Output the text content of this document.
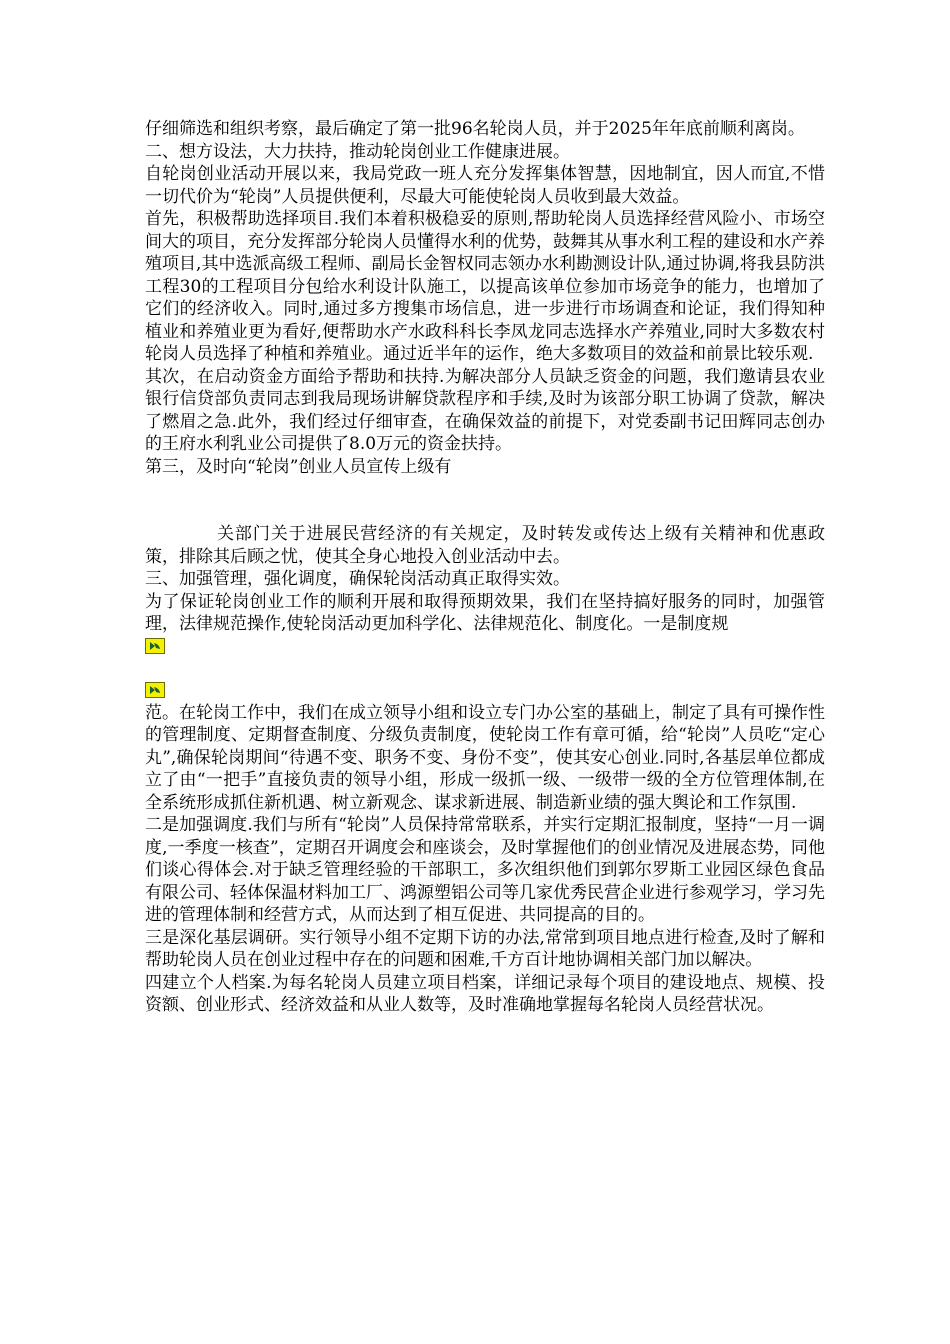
仔细筛选和组织考察，最后确定了第一批96名轮岗人员，并于2025年年底前顺利离岗。

二、想方设法，大力扶持，推动轮岗创业工作健康进展。

自轮岗创业活动开展以来，我局党政一班人充分发挥集体智慧，因地制宜，因人而宜,不惜一切代价为“轮岗”人员提供便利，尽最大可能使轮岗人员收到最大效益。

首先，积极帮助选择项目.我们本着积极稳妥的原则,帮助轮岗人员选择经营风险小、市场空间大的项目，充分发挥部分轮岗人员懂得水利的优势，鼓舞其从事水利工程的建设和水产养殖项目,其中选派高级工程师、副局长金智权同志领办水利勘测设计队,通过协调,将我县防洪工程30的工程项目分包给水利设计队施工，以提高该单位参加市场竞争的能力，也增加了它们的经济收入。同时,通过多方搜集市场信息，进一步进行市场调查和论证，我们得知种植业和养殖业更为看好,便帮助水产水政科科长李凤龙同志选择水产养殖业,同时大多数农村轮岗人员选择了种植和养殖业。通过近半年的运作，绝大多数项目的效益和前景比较乐观.

其次，在启动资金方面给予帮助和扶持.为解决部分人员缺乏资金的问题，我们邀请县农业银行信贷部负责同志到我局现场讲解贷款程序和手续,及时为该部分职工协调了贷款，解决了燃眉之急.此外，我们经过仔细审查，在确保效益的前提下，对党委副书记田辉同志创办的王府水利乳业公司提供了8.0万元的资金扶持。

第三，及时向“轮岗”创业人员宣传上级有

关部门关于进展民营经济的有关规定，及时转发或传达上级有关精神和优惠政策，排除其后顾之忧，使其全身心地投入创业活动中去。

三、加强管理，强化调度，确保轮岗活动真正取得实效。

为了保证轮岗创业工作的顺利开展和取得预期效果，我们在坚持搞好服务的同时，加强管理，法律规范操作,使轮岗活动更加科学化、法律规范化、制度化。一是制度规

范。在轮岗工作中，我们在成立领导小组和设立专门办公室的基础上，制定了具有可操作性的管理制度、定期督查制度、分级负责制度，使轮岗工作有章可循，给“轮岗”人员吃“定心丸”,确保轮岗期间“待遇不变、职务不变、身份不变”，使其安心创业.同时,各基层单位都成立了由“一把手”直接负责的领导小组，形成一级抓一级、一级带一级的全方位管理体制,在全系统形成抓住新机遇、树立新观念、谋求新进展、制造新业绩的强大舆论和工作氛围.

二是加强调度.我们与所有“轮岗”人员保持常常联系，并实行定期汇报制度，坚持“一月一调度,一季度一核查”，定期召开调度会和座谈会，及时掌握他们的创业情况及进展态势，同他们谈心得体会.对于缺乏管理经验的干部职工，多次组织他们到郭尔罗斯工业园区绿色食品有限公司、轻体保温材料加工厂、鸿源塑铝公司等几家优秀民营企业进行参观学习，学习先进的管理体制和经营方式，从而达到了相互促进、共同提高的目的。

三是深化基层调研。实行领导小组不定期下访的办法,常常到项目地点进行检查,及时了解和帮助轮岗人员在创业过程中存在的问题和困难,千方百计地协调相关部门加以解决。

四建立个人档案.为每名轮岗人员建立项目档案，详细记录每个项目的建设地点、规模、投资额、创业形式、经济效益和从业人数等，及时准确地掌握每名轮岗人员经营状况。
